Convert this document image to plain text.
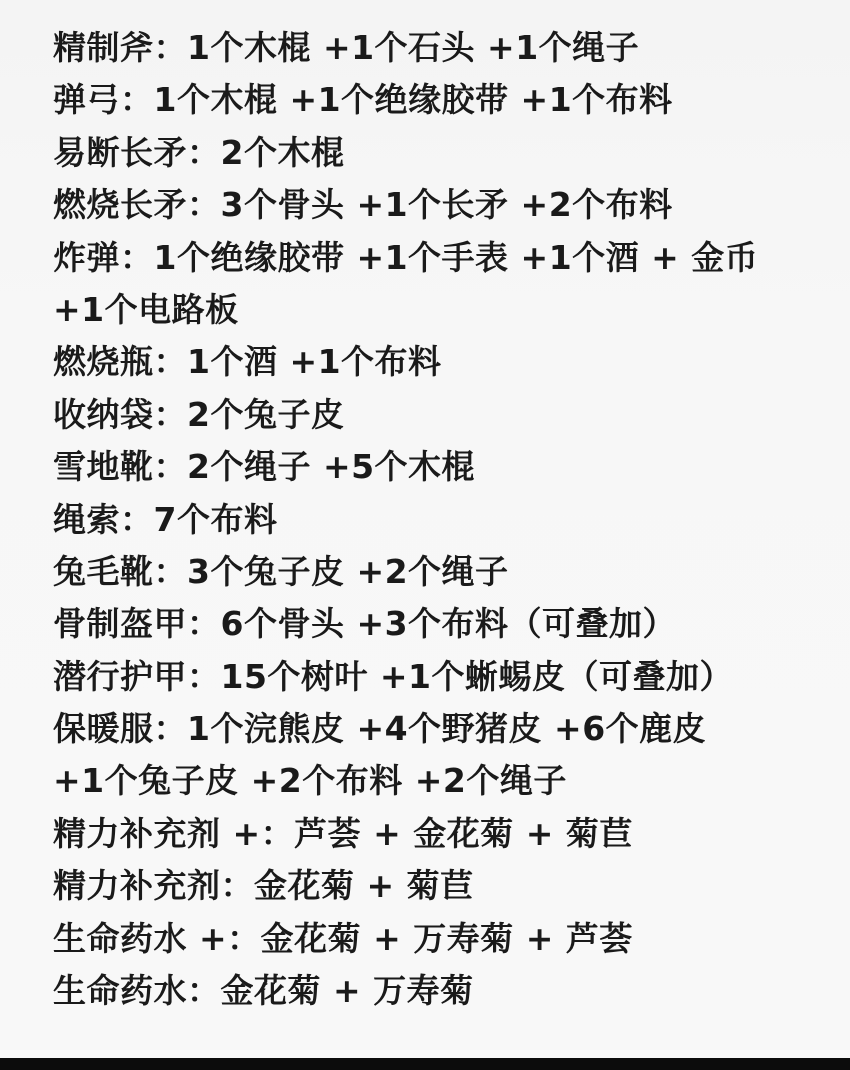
精制斧：1个木棍 +1个石头 +1个绳子
弹弓：1个木棍 +1个绝缘胶带 +1个布料
易断长矛：2个木棍
燃烧长矛：3个骨头 +1个长矛 +2个布料
炸弹：1个绝缘胶带 +1个手表 +1个酒 + 金币
+1个电路板
燃烧瓶：1个酒 +1个布料
收纳袋：2个兔子皮
雪地靴：2个绳子 +5个木棍
绳索：7个布料
兔毛靴：3个兔子皮 +2个绳子
骨制盔甲：6个骨头 +3个布料（可叠加）
潜行护甲：15个树叶 +1个蜥蜴皮（可叠加）
保暖服：1个浣熊皮 +4个野猪皮 +6个鹿皮
+1个兔子皮 +2个布料 +2个绳子
精力补充剂 +：芦荟 + 金花菊 + 菊苣
精力补充剂：金花菊 + 菊苣
生命药水 +：金花菊 + 万寿菊 + 芦荟
生命药水：金花菊 + 万寿菊
